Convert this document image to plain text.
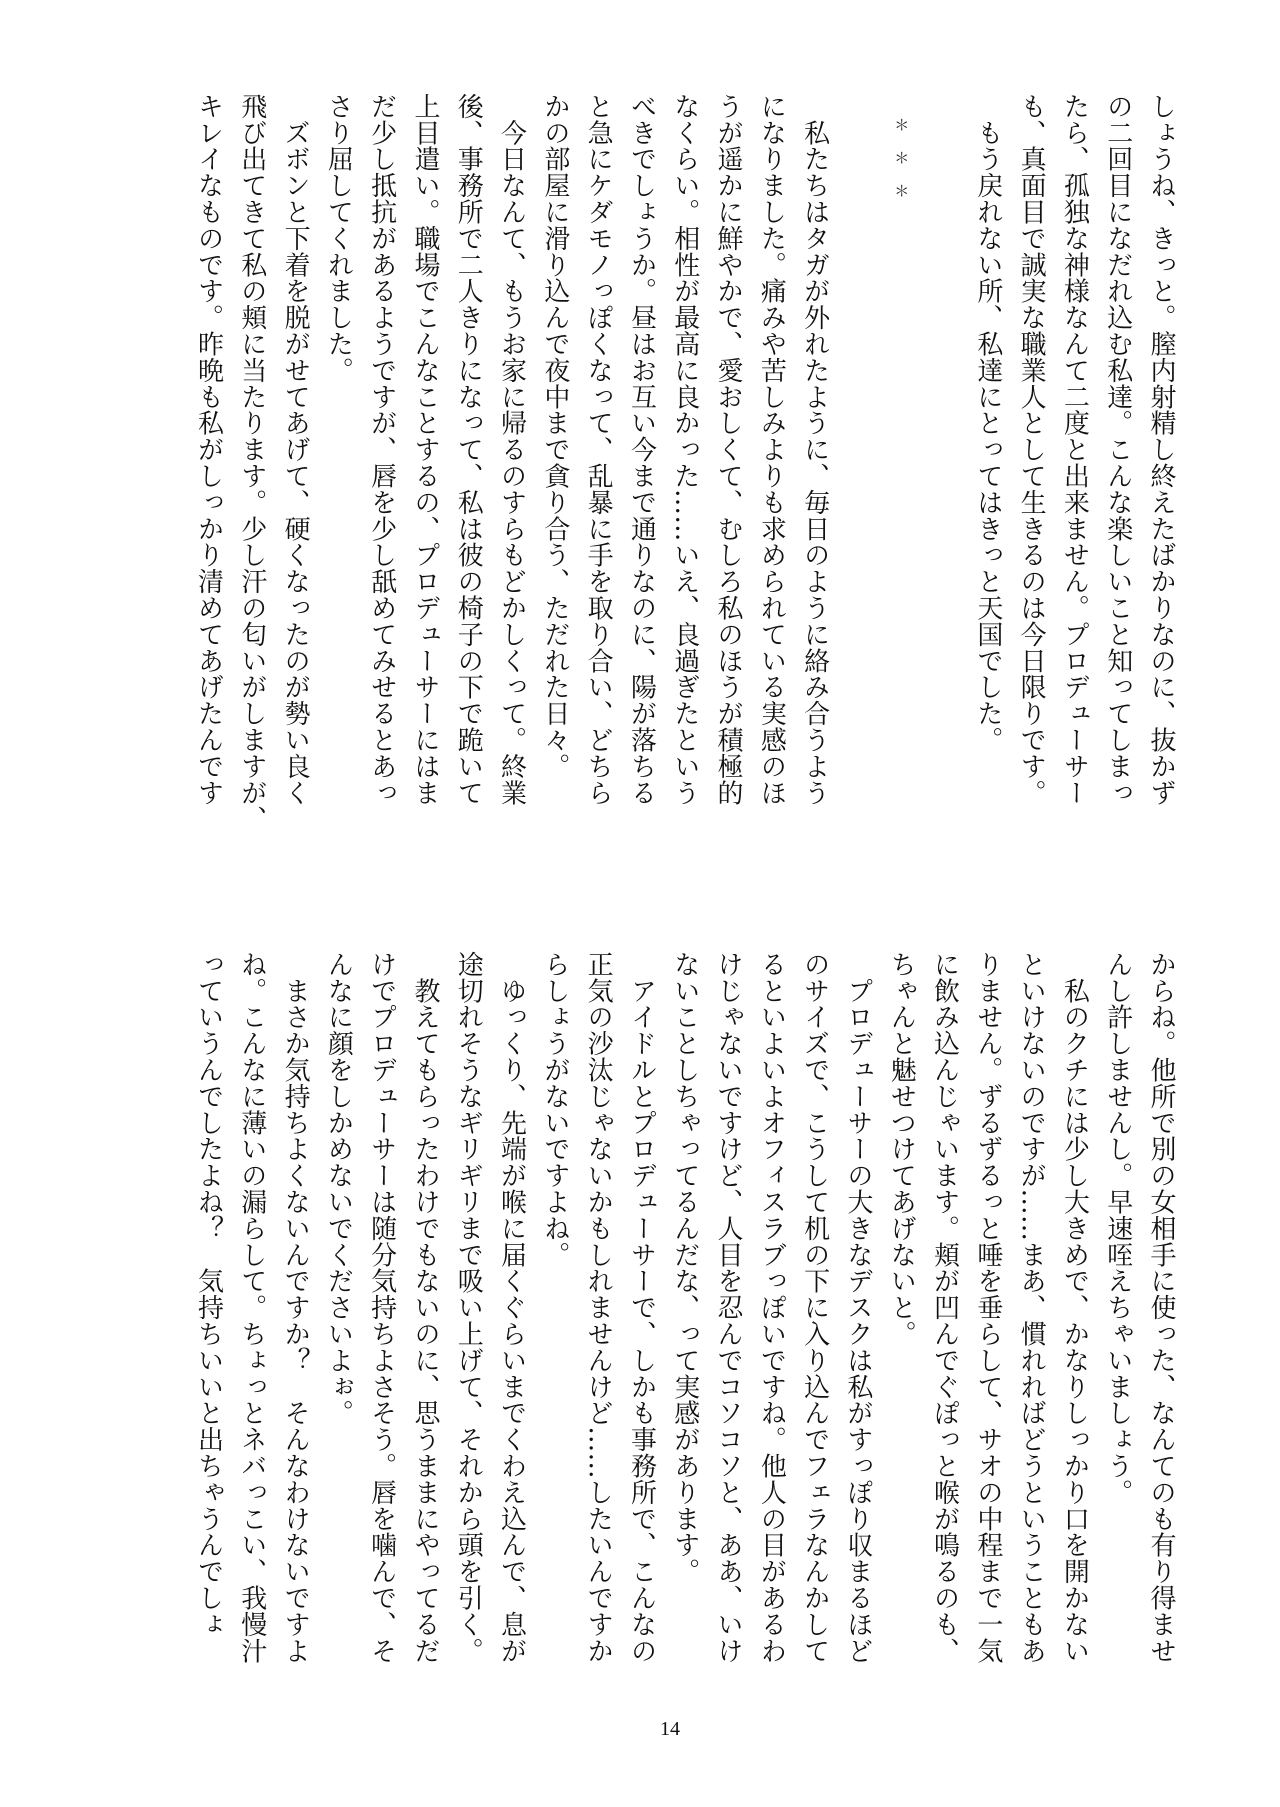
しょうね、きっと。膣内射精し終えたばかりなのに、抜かず
の二回目になだれ込む私達。こんな楽しいこと知ってしまっ
たら、孤独な神様なんて二度と出来ません。プロデューサー
も、真面目で誠実な職業人として生きるのは今日限りです。
　もう戻れない所、私達にとってはきっと天国でした。
＊＊＊
　私たちはタガが外れたように、毎日のように絡み合うよう
になりました。痛みや苦しみよりも求められている実感のほ
うが遥かに鮮やかで、愛おしくて、むしろ私のほうが積極的
なくらい。相性が最高に良かった……いえ、良過ぎたという
べきでしょうか。昼はお互い今まで通りなのに、陽が落ちる
と急にケダモノっぽくなって、乱暴に手を取り合い、どちら
かの部屋に滑り込んで夜中まで貪り合う、ただれた日々。
　今日なんて、もうお家に帰るのすらもどかしくって。終業
後、事務所で二人きりになって、私は彼の椅子の下で跪いて
上目遣い。職場でこんなことするの、プロデューサーにはま
だ少し抵抗があるようですが、唇を少し舐めてみせるとあっ
さり屈してくれました。
　ズボンと下着を脱がせてあげて、硬くなったのが勢い良く
飛び出てきて私の頬に当たります。少し汗の匂いがしますが、
キレイなものです。昨晩も私がしっかり清めてあげたんです
からね。他所で別の女相手に使った、なんてのも有り得ませ
んし許しませんし。早速咥えちゃいましょう。
　私のクチには少し大きめで、かなりしっかり口を開かない
といけないのですが……まあ、慣れればどうということもあ
りません。ずるずるっと唾を垂らして、サオの中程まで一気
に飲み込んじゃいます。頬が凹んでぐぽっと喉が鳴るのも、
ちゃんと魅せつけてあげないと。
　プロデューサーの大きなデスクは私がすっぽり収まるほど
のサイズで、こうして机の下に入り込んでフェラなんかして
るといよいよオフィスラブっぽいですね。他人の目があるわ
けじゃないですけど、人目を忍んでコソコソと、ああ、いけ
ないことしちゃってるんだな、って実感があります。
　アイドルとプロデューサーで、しかも事務所で、こんなの
正気の沙汰じゃないかもしれませんけど……したいんですか
らしょうがないですよね。
　ゆっくり、先端が喉に届くぐらいまでくわえ込んで、息が
途切れそうなギリギリまで吸い上げて、それから頭を引く。
　教えてもらったわけでもないのに、思うままにやってるだ
けでプロデューサーは随分気持ちよさそう。唇を噛んで、そ
んなに顔をしかめないでくださいよぉ。
　まさか気持ちよくないんですか？　そんなわけないですよ
ね。こんなに薄いの漏らして。ちょっとネバっこい、我慢汁
っていうんでしたよね？　気持ちいいと出ちゃうんでしょ
14
